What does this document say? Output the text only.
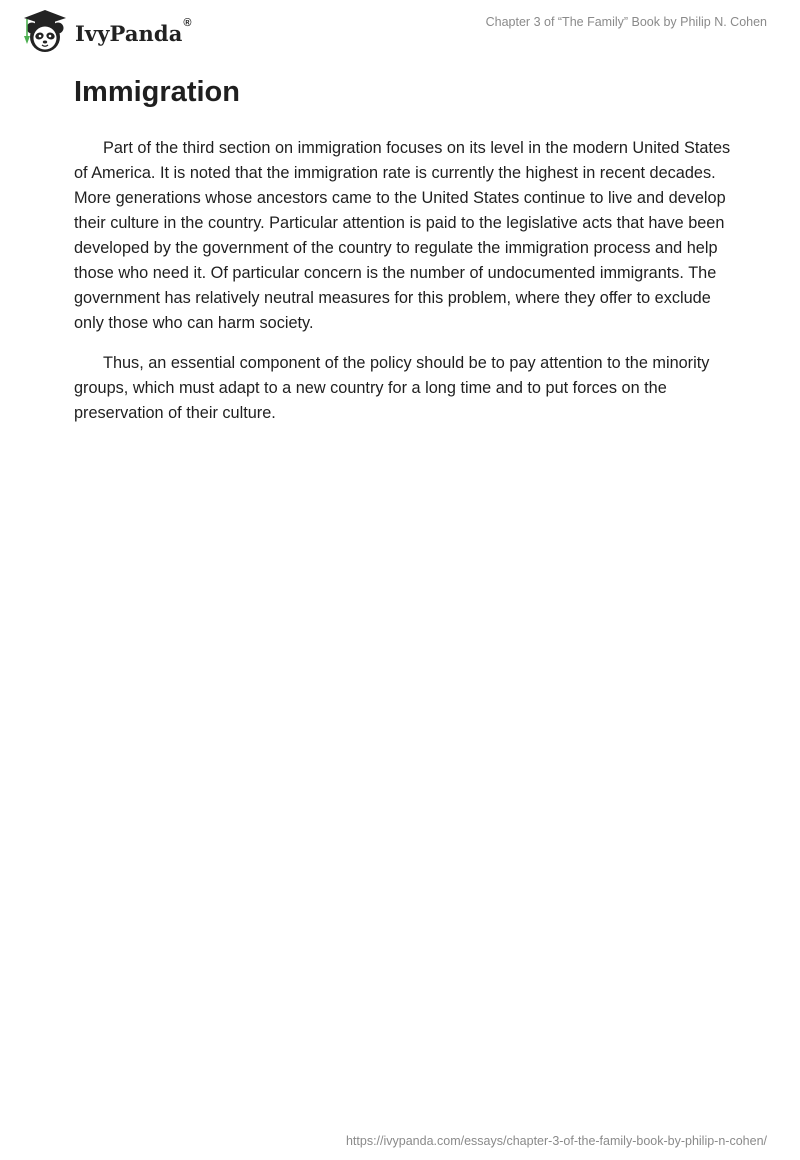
IvyPanda®	Chapter 3 of “The Family” Book by Philip N. Cohen
Immigration

Part of the third section on immigration focuses on its level in the modern United States of America. It is noted that the immigration rate is currently the highest in recent decades. More generations whose ancestors came to the United States continue to live and develop their culture in the country. Particular attention is paid to the legislative acts that have been developed by the government of the country to regulate the immigration process and help those who need it. Of particular concern is the number of undocumented immigrants. The government has relatively neutral measures for this problem, where they offer to exclude only those who can harm society.

Thus, an essential component of the policy should be to pay attention to the minority groups, which must adapt to a new country for a long time and to put forces on the preservation of their culture.

https://ivypanda.com/essays/chapter-3-of-the-family-book-by-philip-n-cohen/
